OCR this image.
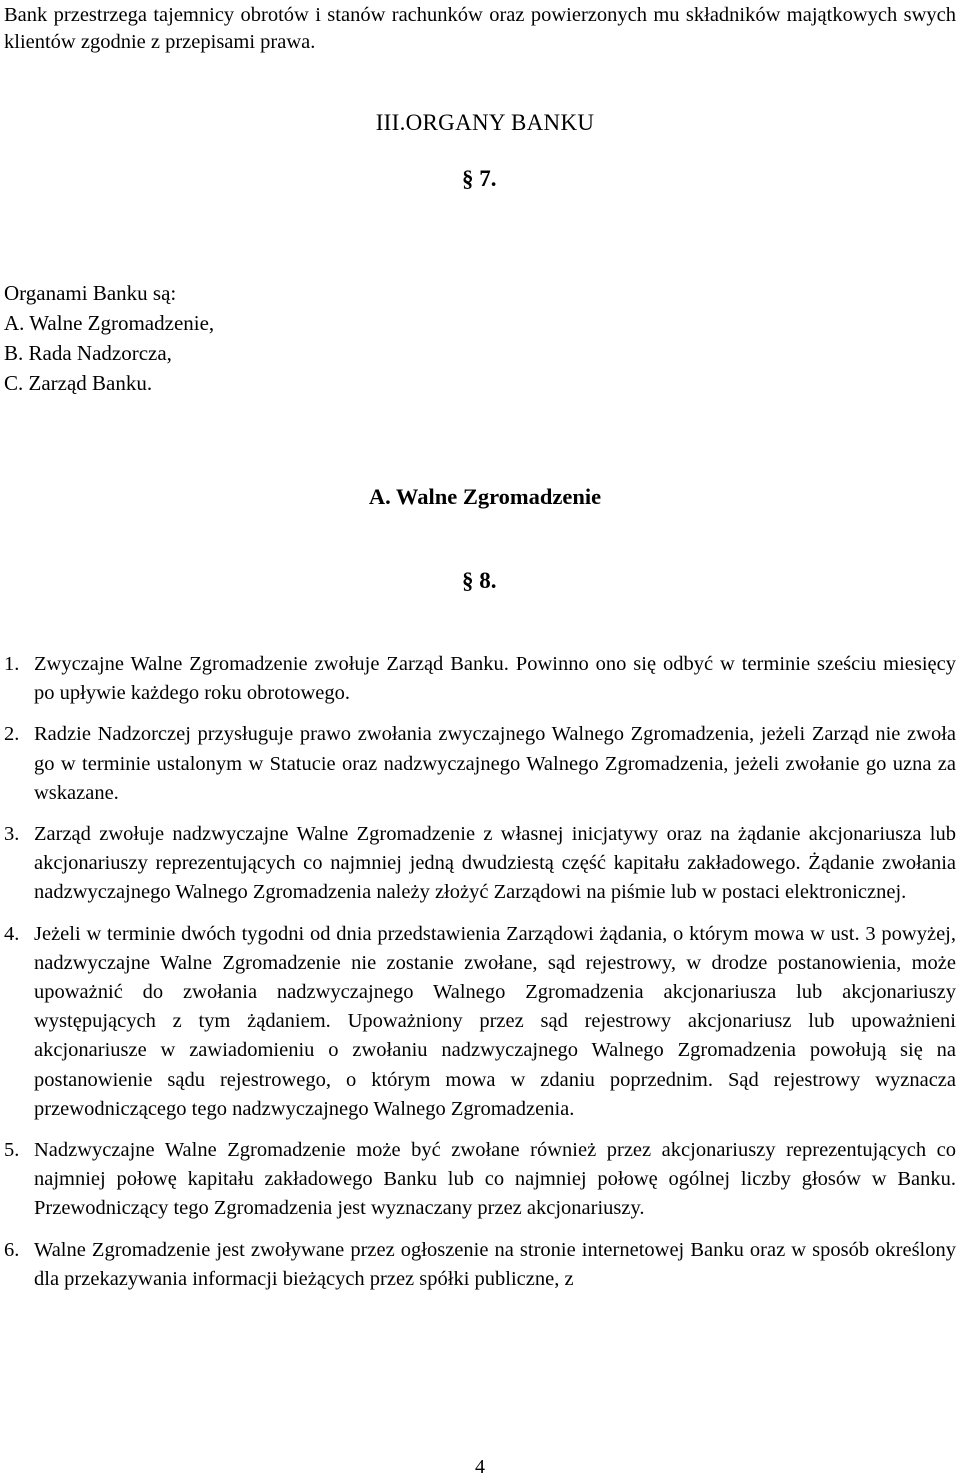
Bank przestrzega tajemnicy obrotów i stanów rachunków oraz powierzonych mu składników majątkowych swych klientów zgodnie z przepisami prawa.
III.ORGANY BANKU
§ 7.
Organami Banku są:
A. Walne Zgromadzenie,
B. Rada Nadzorcza,
C. Zarząd Banku.
A. Walne Zgromadzenie
§ 8.
1. Zwyczajne Walne Zgromadzenie zwołuje Zarząd Banku. Powinno ono się odbyć w terminie sześciu miesięcy po upływie każdego roku obrotowego.
2. Radzie Nadzorczej przysługuje prawo zwołania zwyczajnego Walnego Zgromadzenia, jeżeli Zarząd nie zwoła go w terminie ustalonym w Statucie oraz nadzwyczajnego Walnego Zgromadzenia, jeżeli zwołanie go uzna za wskazane.
3. Zarząd zwołuje nadzwyczajne Walne Zgromadzenie z własnej inicjatywy oraz na żądanie akcjonariusza lub akcjonariuszy reprezentujących co najmniej jedną dwudziestą część kapitału zakładowego. Żądanie zwołania nadzwyczajnego Walnego Zgromadzenia należy złożyć Zarządowi na piśmie lub w postaci elektronicznej.
4. Jeżeli w terminie dwóch tygodni od dnia przedstawienia Zarządowi żądania, o którym mowa w ust. 3 powyżej, nadzwyczajne Walne Zgromadzenie nie zostanie zwołane, sąd rejestrowy, w drodze postanowienia, może upoważnić do zwołania nadzwyczajnego Walnego Zgromadzenia akcjonariusza lub akcjonariuszy występujących z tym żądaniem. Upoważniony przez sąd rejestrowy akcjonariusz lub upoważnieni akcjonariusze w zawiadomieniu o zwołaniu nadzwyczajnego Walnego Zgromadzenia powołują się na postanowienie sądu rejestrowego, o którym mowa w zdaniu poprzednim. Sąd rejestrowy wyznacza przewodniczącego tego nadzwyczajnego Walnego Zgromadzenia.
5. Nadzwyczajne Walne Zgromadzenie może być zwołane również przez akcjonariuszy reprezentujących co najmniej połowę kapitału zakładowego Banku lub co najmniej połowę ogólnej liczby głosów w Banku. Przewodniczący tego Zgromadzenia jest wyznaczany przez akcjonariuszy.
6. Walne Zgromadzenie jest zwoływane przez ogłoszenie na stronie internetowej Banku oraz w sposób określony dla przekazywania informacji bieżących przez spółki publiczne, z
4
